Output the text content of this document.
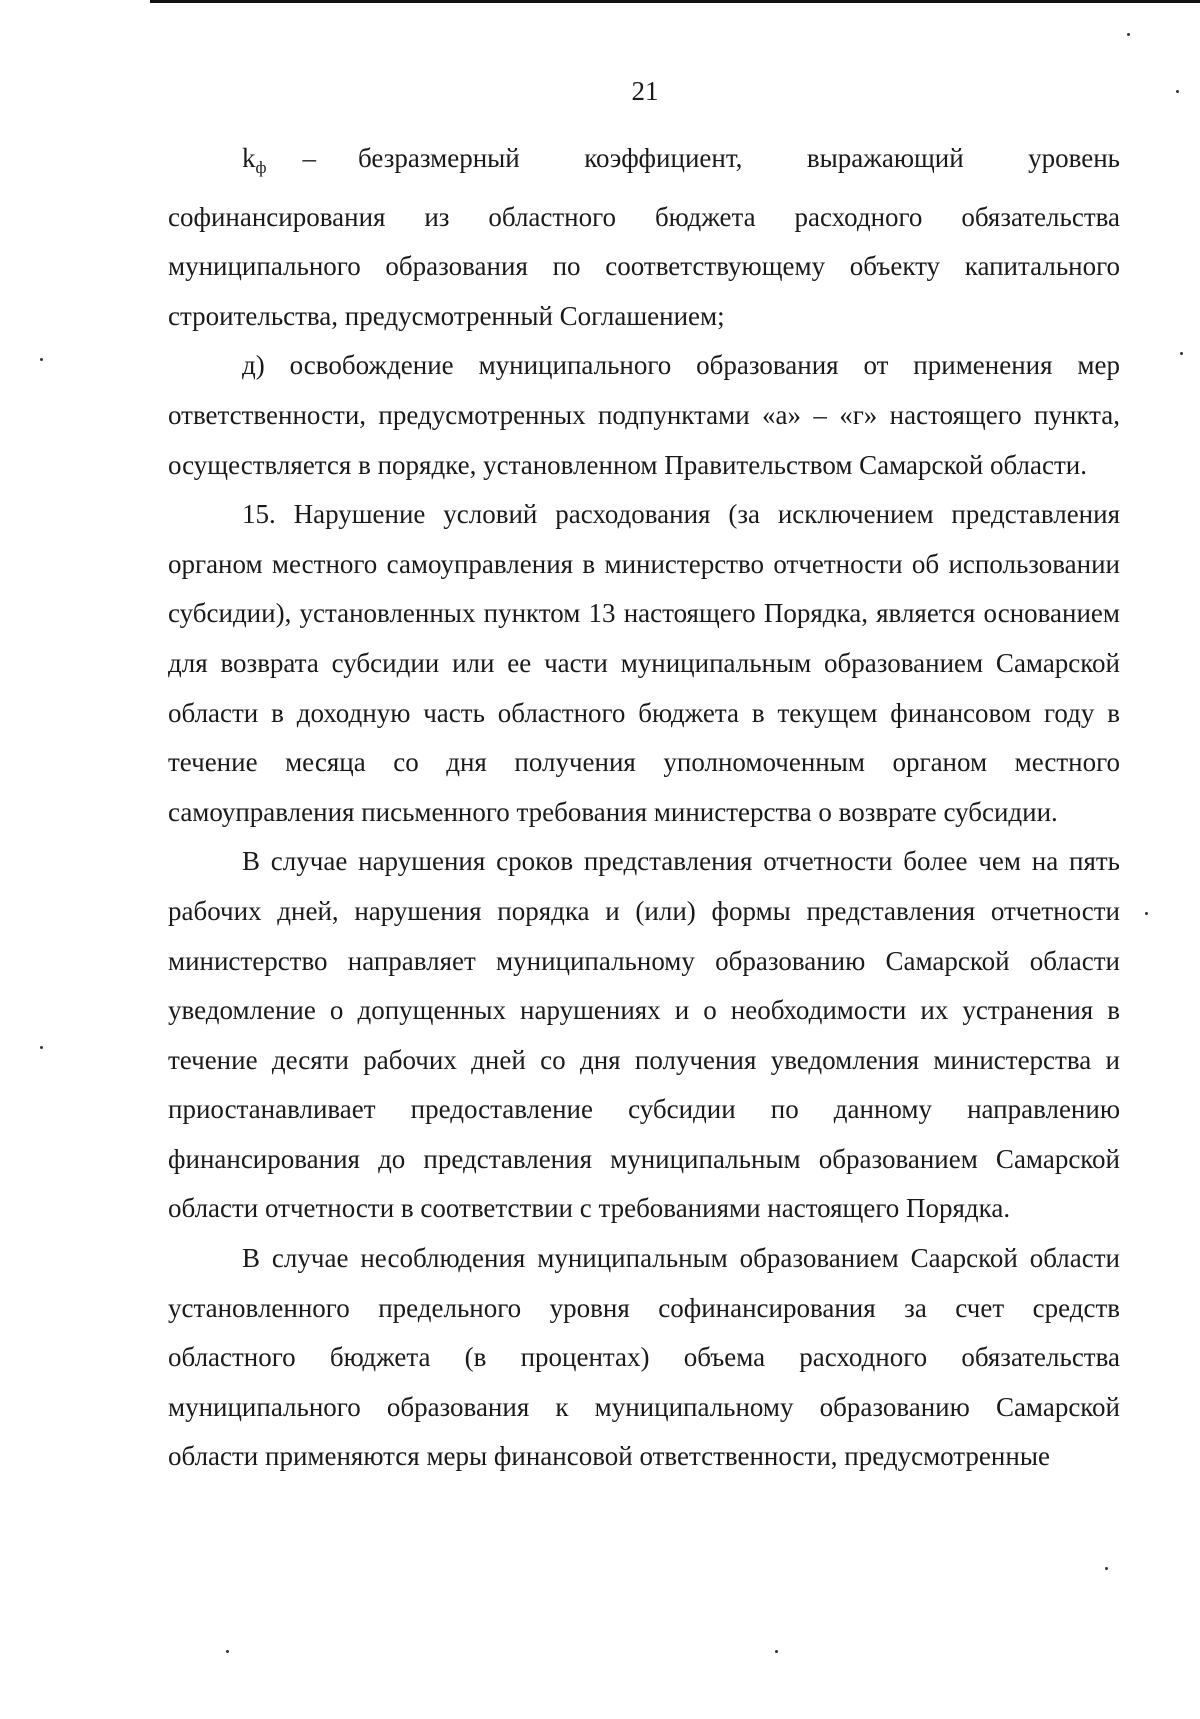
21

$k_ф$ – безразмерный коэффициент, выражающий уровень софинансирования из областного бюджета расходного обязательства муниципального образования по соответствующему объекту капитального строительства, предусмотренный Соглашением;

д) освобождение муниципального образования от применения мер ответственности, предусмотренных подпунктами «а» – «г» настоящего пункта, осуществляется в порядке, установленном Правительством Самарской области.

15. Нарушение условий расходования (за исключением представления органом местного самоуправления в министерство отчетности об использовании субсидии), установленных пунктом 13 настоящего Порядка, является основанием для возврата субсидии или ее части муниципальным образованием Самарской области в доходную часть областного бюджета в текущем финансовом году в течение месяца со дня получения уполномоченным органом местного самоуправления письменного требования министерства о возврате субсидии.

В случае нарушения сроков представления отчетности более чем на пять рабочих дней, нарушения порядка и (или) формы представления отчетности министерство направляет муниципальному образованию Самарской области уведомление о допущенных нарушениях и о необходимости их устранения в течение десяти рабочих дней со дня получения уведомления министерства и приостанавливает предоставление субсидии по данному направлению финансирования до представления муниципальным образованием Самарской области отчетности в соответствии с требованиями настоящего Порядка.

В случае несоблюдения муниципальным образованием Саарской области установленного предельного уровня софинансирования за счет средств областного бюджета (в процентах) объема расходного обязательства муниципального образования к муниципальному образованию Самарской области применяются меры финансовой ответственности, предусмотренные
